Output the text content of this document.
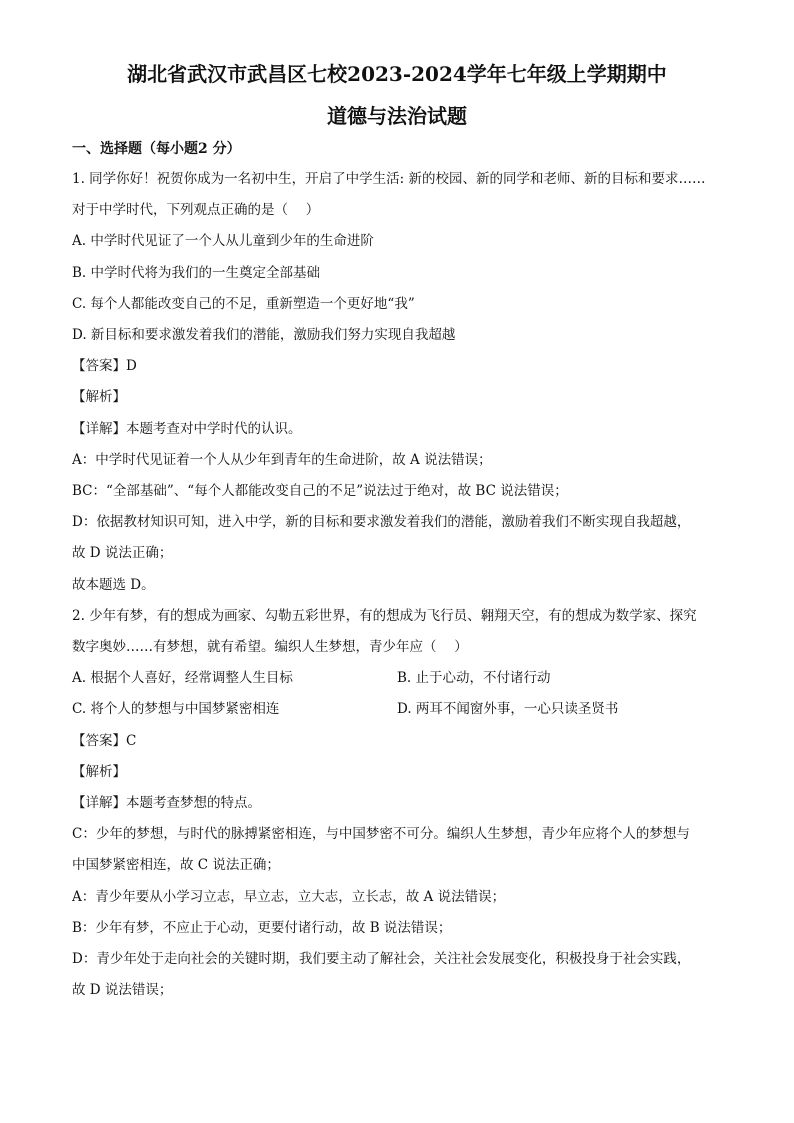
湖北省武汉市武昌区七校2023-2024学年七年级上学期期中
道德与法治试题
一、选择题（每小题2 分）
1. 同学你好！祝贺你成为一名初中生，开启了中学生活: 新的校园、新的同学和老师、新的目标和要求……
对于中学时代，下列观点正确的是（　 ）
A. 中学时代见证了一个人从儿童到少年的生命进阶
B. 中学时代将为我们的一生奠定全部基础
C. 每个人都能改变自己的不足，重新塑造一个更好地“我”
D. 新目标和要求激发着我们的潜能，激励我们努力实现自我超越
【答案】D
【解析】
【详解】本题考查对中学时代的认识。
A：中学时代见证着一个人从少年到青年的生命进阶，故 A 说法错误；
BC：“全部基础”、“每个人都能改变自己的不足”说法过于绝对，故 BC 说法错误；
D：依据教材知识可知，进入中学，新的目标和要求激发着我们的潜能，激励着我们不断实现自我超越，
故 D 说法正确；
故本题选 D。
2. 少年有梦，有的想成为画家、勾勒五彩世界，有的想成为飞行员、翱翔天空，有的想成为数学家、探究
数字奥妙……有梦想，就有希望。编织人生梦想，青少年应（　 ）
A. 根据个人喜好，经常调整人生目标	B. 止于心动，不付诸行动
C. 将个人的梦想与中国梦紧密相连	D. 两耳不闻窗外事，一心只读圣贤书
【答案】C
【解析】
【详解】本题考查梦想的特点。
C：少年的梦想，与时代的脉搏紧密相连，与中国梦密不可分。编织人生梦想，青少年应将个人的梦想与
中国梦紧密相连，故 C 说法正确；
A：青少年要从小学习立志，早立志，立大志，立长志，故 A 说法错误；
B：少年有梦，不应止于心动，更要付诸行动，故 B 说法错误；
D：青少年处于走向社会的关键时期，我们要主动了解社会，关注社会发展变化，积极投身于社会实践，
故 D 说法错误；
